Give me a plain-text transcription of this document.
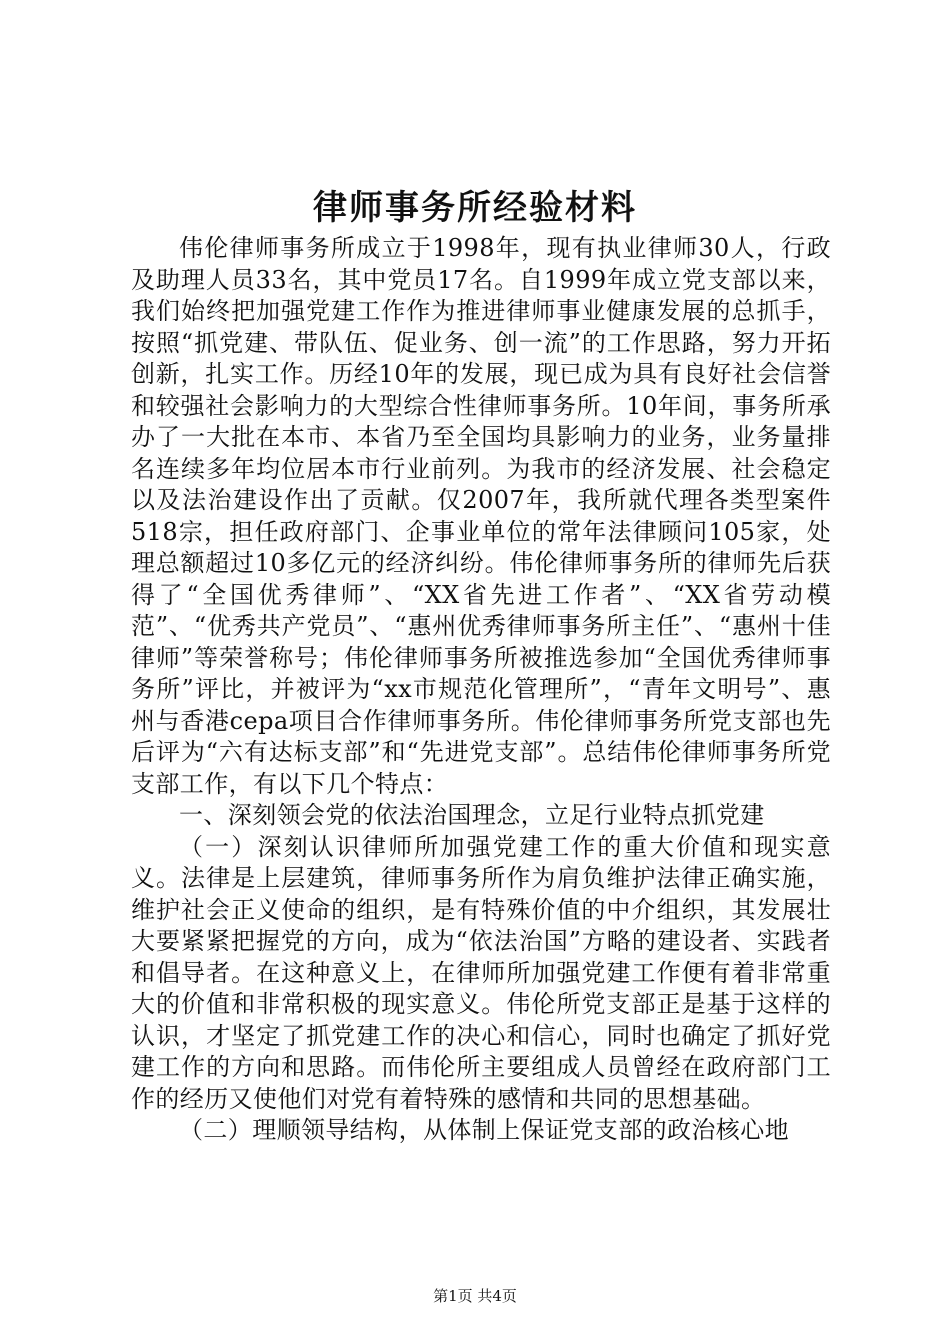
律师事务所经验材料

伟伦律师事务所成立于1998年，现有执业律师30人，行政及助理人员33名，其中党员17名。自1999年成立党支部以来，我们始终把加强党建工作作为推进律师事业健康发展的总抓手，按照“抓党建、带队伍、促业务、创一流”的工作思路，努力开拓创新，扎实工作。历经10年的发展，现已成为具有良好社会信誉和较强社会影响力的大型综合性律师事务所。10年间，事务所承办了一大批在本市、本省乃至全国均具影响力的业务，业务量排名连续多年均位居本市行业前列。为我市的经济发展、社会稳定以及法治建设作出了贡献。仅2007年，我所就代理各类型案件518宗，担任政府部门、企事业单位的常年法律顾问105家，处理总额超过10多亿元的经济纠纷。伟伦律师事务所的律师先后获得了“全国优秀律师”、“XX省先进工作者”、“XX省劳动模范”、“优秀共产党员”、“惠州优秀律师事务所主任”、“惠州十佳律师”等荣誉称号；伟伦律师事务所被推选参加“全国优秀律师事务所”评比，并被评为“xx市规范化管理所”，“青年文明号”、惠州与香港cepa项目合作律师事务所。伟伦律师事务所党支部也先后评为“六有达标支部”和“先进党支部”。总结伟伦律师事务所党支部工作，有以下几个特点：

一、深刻领会党的依法治国理念，立足行业特点抓党建

（一）深刻认识律师所加强党建工作的重大价值和现实意义。法律是上层建筑，律师事务所作为肩负维护法律正确实施，维护社会正义使命的组织，是有特殊价值的中介组织，其发展壮大要紧紧把握党的方向，成为“依法治国”方略的建设者、实践者和倡导者。在这种意义上，在律师所加强党建工作便有着非常重大的价值和非常积极的现实意义。伟伦所党支部正是基于这样的认识，才坚定了抓党建工作的决心和信心，同时也确定了抓好党建工作的方向和思路。而伟伦所主要组成人员曾经在政府部门工作的经历又使他们对党有着特殊的感情和共同的思想基础。

（二）理顺领导结构，从体制上保证党支部的政治核心地

第1页 共4页
